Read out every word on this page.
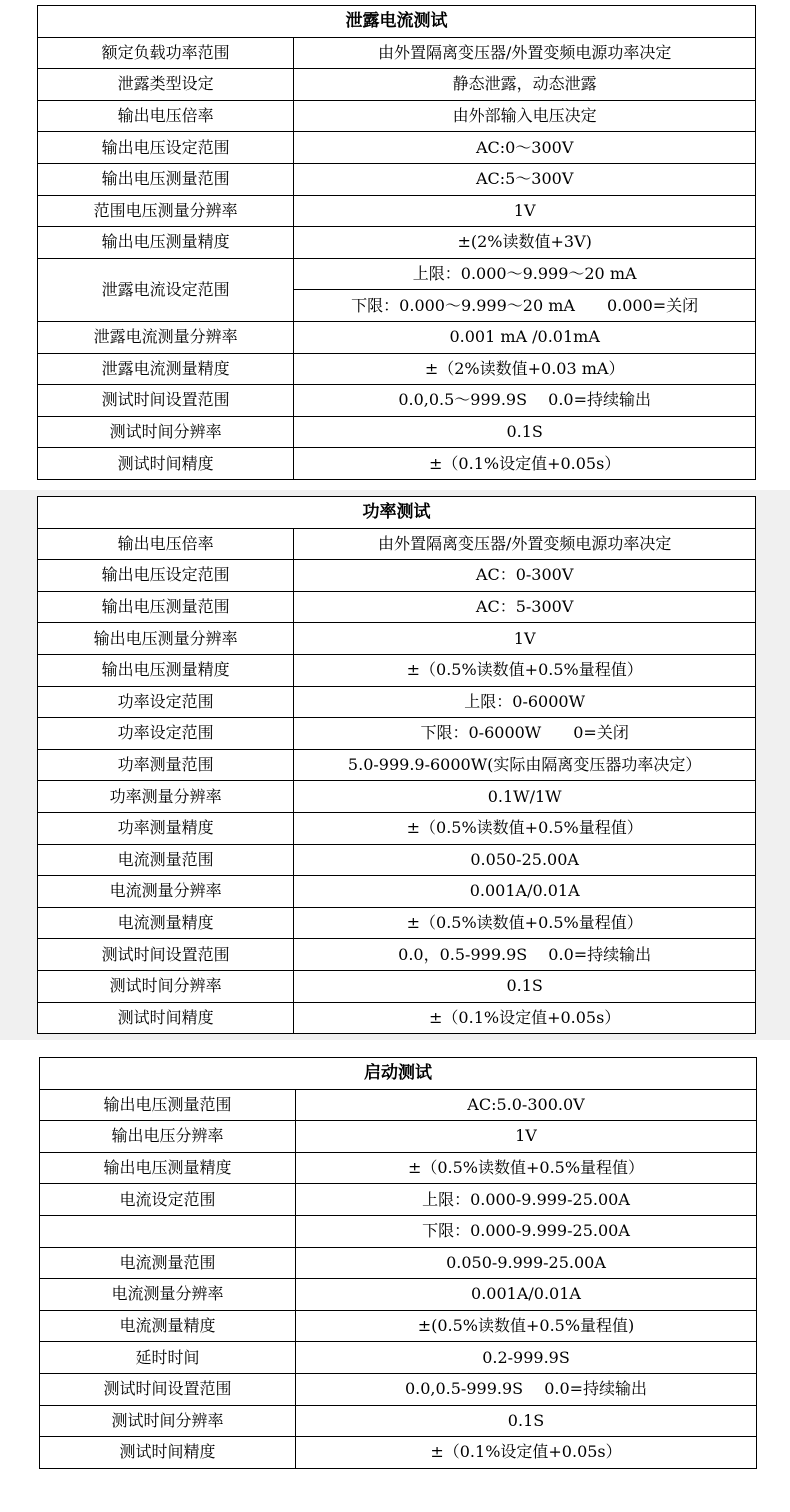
泄露电流测试	
额定负载功率范围	由外置隔离变压器/外置变频电源功率决定
泄露类型设定	静态泄露，动态泄露
输出电压倍率	由外部输入电压决定
输出电压设定范围	AC:0～300V
输出电压测量范围	AC:5～300V
范围电压测量分辨率	1V
输出电压测量精度	±(2%读数值+3V)
泄露电流设定范围	上限：0.000～9.999～20 mA
	下限：0.000～9.999～20 mA　　0.000=关闭
泄露电流测量分辨率	0.001 mA /0.01mA
泄露电流测量精度	±（2%读数值+0.03 mA）
测试时间设置范围	0.0,0.5～999.9S　 0.0=持续输出
测试时间分辨率	0.1S
测试时间精度	±（0.1%设定值+0.05s）
功率测试	
输出电压倍率	由外置隔离变压器/外置变频电源功率决定
输出电压设定范围	AC：0-300V
输出电压测量范围	AC：5-300V
输出电压测量分辨率	1V
输出电压测量精度	±（0.5%读数值+0.5%量程值）
功率设定范围	上限：0-6000W
功率设定范围	下限：0-6000W　　0=关闭
功率测量范围	5.0-999.9-6000W(实际由隔离变压器功率决定）
功率测量分辨率	0.1W/1W
功率测量精度	±（0.5%读数值+0.5%量程值）
电流测量范围	0.050-25.00A
电流测量分辨率	0.001A/0.01A
电流测量精度	±（0.5%读数值+0.5%量程值）
测试时间设置范围	0.0，0.5-999.9S　 0.0=持续输出
测试时间分辨率	0.1S
测试时间精度	±（0.1%设定值+0.05s）
启动测试	
输出电压测量范围	AC:5.0-300.0V
输出电压分辨率	1V
输出电压测量精度	±（0.5%读数值+0.5%量程值）
电流设定范围	上限：0.000-9.999-25.00A
	下限：0.000-9.999-25.00A
电流测量范围	0.050-9.999-25.00A
电流测量分辨率	0.001A/0.01A
电流测量精度	±(0.5%读数值+0.5%量程值)
延时时间	0.2-999.9S
测试时间设置范围	0.0,0.5-999.9S　 0.0=持续输出
测试时间分辨率	0.1S
测试时间精度	±（0.1%设定值+0.05s）
